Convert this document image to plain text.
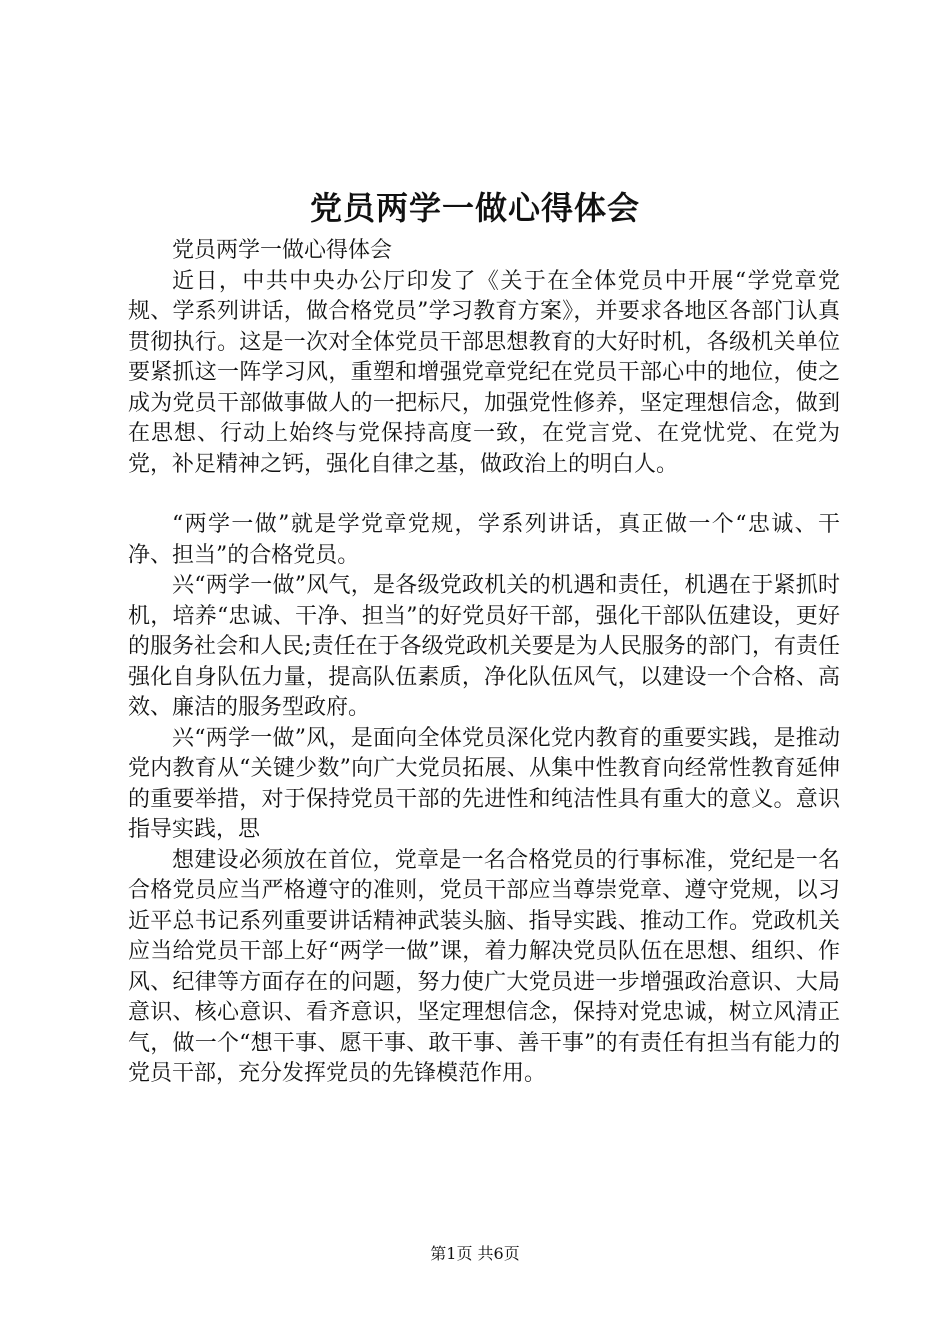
党员两学一做心得体会

党员两学一做心得体会

近日，中共中央办公厅印发了《关于在全体党员中开展“学党章党规、学系列讲话，做合格党员”学习教育方案》，并要求各地区各部门认真贯彻执行。这是一次对全体党员干部思想教育的大好时机，各级机关单位要紧抓这一阵学习风，重塑和增强党章党纪在党员干部心中的地位，使之成为党员干部做事做人的一把标尺，加强党性修养，坚定理想信念，做到在思想、行动上始终与党保持高度一致，在党言党、在党忧党、在党为党，补足精神之钙，强化自律之基，做政治上的明白人。

“两学一做”就是学党章党规，学系列讲话，真正做一个“忠诚、干净、担当”的合格党员。

兴“两学一做”风气，是各级党政机关的机遇和责任，机遇在于紧抓时机，培养“忠诚、干净、担当”的好党员好干部，强化干部队伍建设，更好的服务社会和人民;责任在于各级党政机关要是为人民服务的部门，有责任强化自身队伍力量，提高队伍素质，净化队伍风气，以建设一个合格、高效、廉洁的服务型政府。

兴“两学一做”风，是面向全体党员深化党内教育的重要实践，是推动党内教育从“关键少数”向广大党员拓展、从集中性教育向经常性教育延伸的重要举措，对于保持党员干部的先进性和纯洁性具有重大的意义。意识指导实践，思

想建设必须放在首位，党章是一名合格党员的行事标准，党纪是一名合格党员应当严格遵守的准则，党员干部应当尊崇党章、遵守党规，以习近平总书记系列重要讲话精神武装头脑、指导实践、推动工作。党政机关应当给党员干部上好“两学一做”课，着力解决党员队伍在思想、组织、作风、纪律等方面存在的问题，努力使广大党员进一步增强政治意识、大局意识、核心意识、看齐意识，坚定理想信念，保持对党忠诚，树立风清正气，做一个“想干事、愿干事、敢干事、善干事”的有责任有担当有能力的党员干部，充分发挥党员的先锋模范作用。

第1页 共6页
